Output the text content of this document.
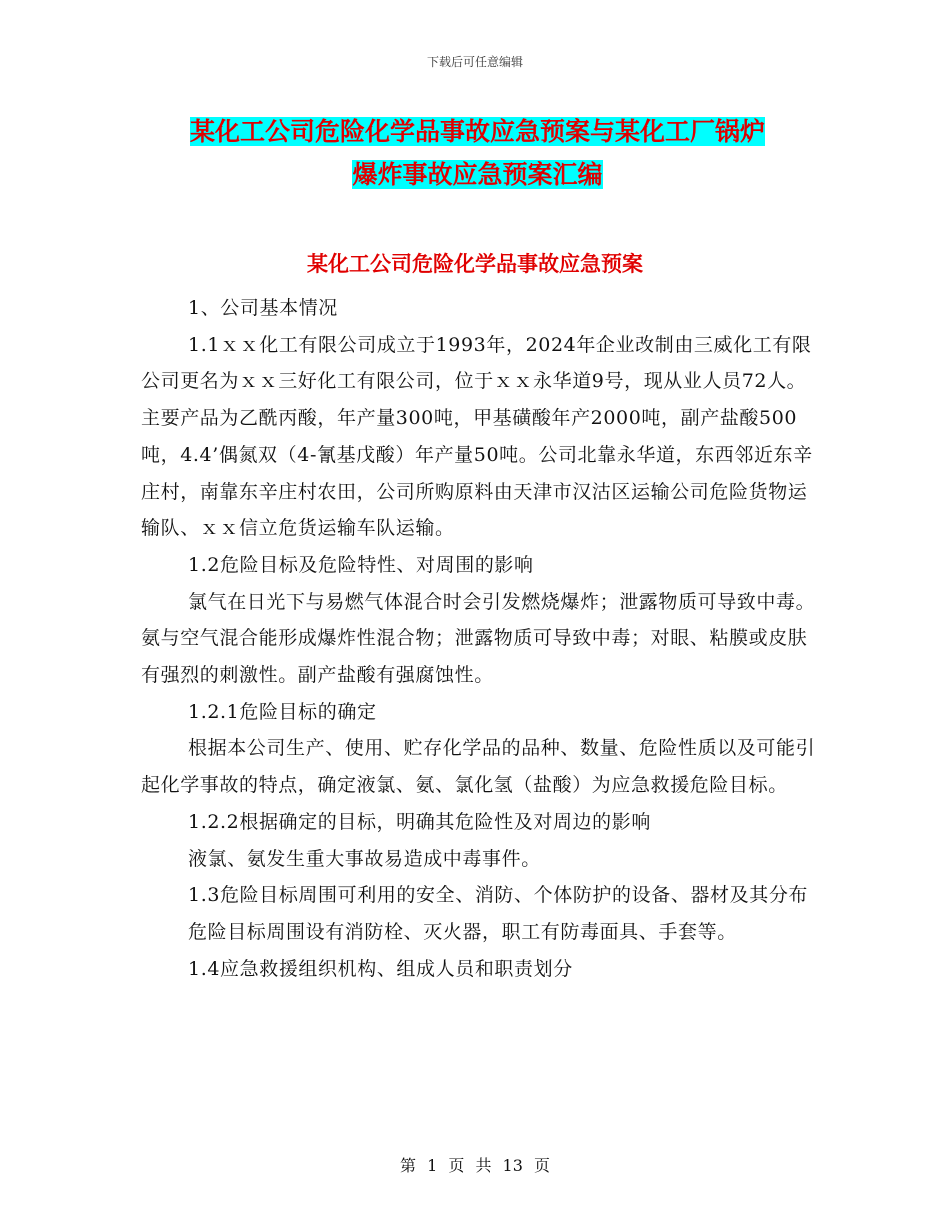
下载后可任意编辑
某化工公司危险化学品事故应急预案与某化工厂锅炉
爆炸事故应急预案汇编
某化工公司危险化学品事故应急预案

1、公司基本情况

1.1ｘｘ化工有限公司成立于1993年，2024年企业改制由三威化工有限公司更名为ｘｘ三好化工有限公司，位于ｘｘ永华道9号，现从业人员72人。主要产品为乙酰丙酸，年产量300吨，甲基磺酸年产2000吨，副产盐酸500吨，4.4’偶氮双（4-氰基戊酸）年产量50吨。公司北靠永华道，东西邻近东辛庄村，南靠东辛庄村农田，公司所购原料由天津市汉沽区运输公司危险货物运输队、ｘｘ信立危货运输车队运输。

1.2危险目标及危险特性、对周围的影响

氯气在日光下与易燃气体混合时会引发燃烧爆炸；泄露物质可导致中毒。氨与空气混合能形成爆炸性混合物；泄露物质可导致中毒；对眼、粘膜或皮肤有强烈的刺激性。副产盐酸有强腐蚀性。

1.2.1危险目标的确定

根据本公司生产、使用、贮存化学品的品种、数量、危险性质以及可能引起化学事故的特点，确定液氯、氨、氯化氢（盐酸）为应急救援危险目标。

1.2.2根据确定的目标，明确其危险性及对周边的影响

液氯、氨发生重大事故易造成中毒事件。

1.3危险目标周围可利用的安全、消防、个体防护的设备、器材及其分布

危险目标周围设有消防栓、灭火器，职工有防毒面具、手套等。

1.4应急救援组织机构、组成人员和职责划分

第 1 页 共 13 页
